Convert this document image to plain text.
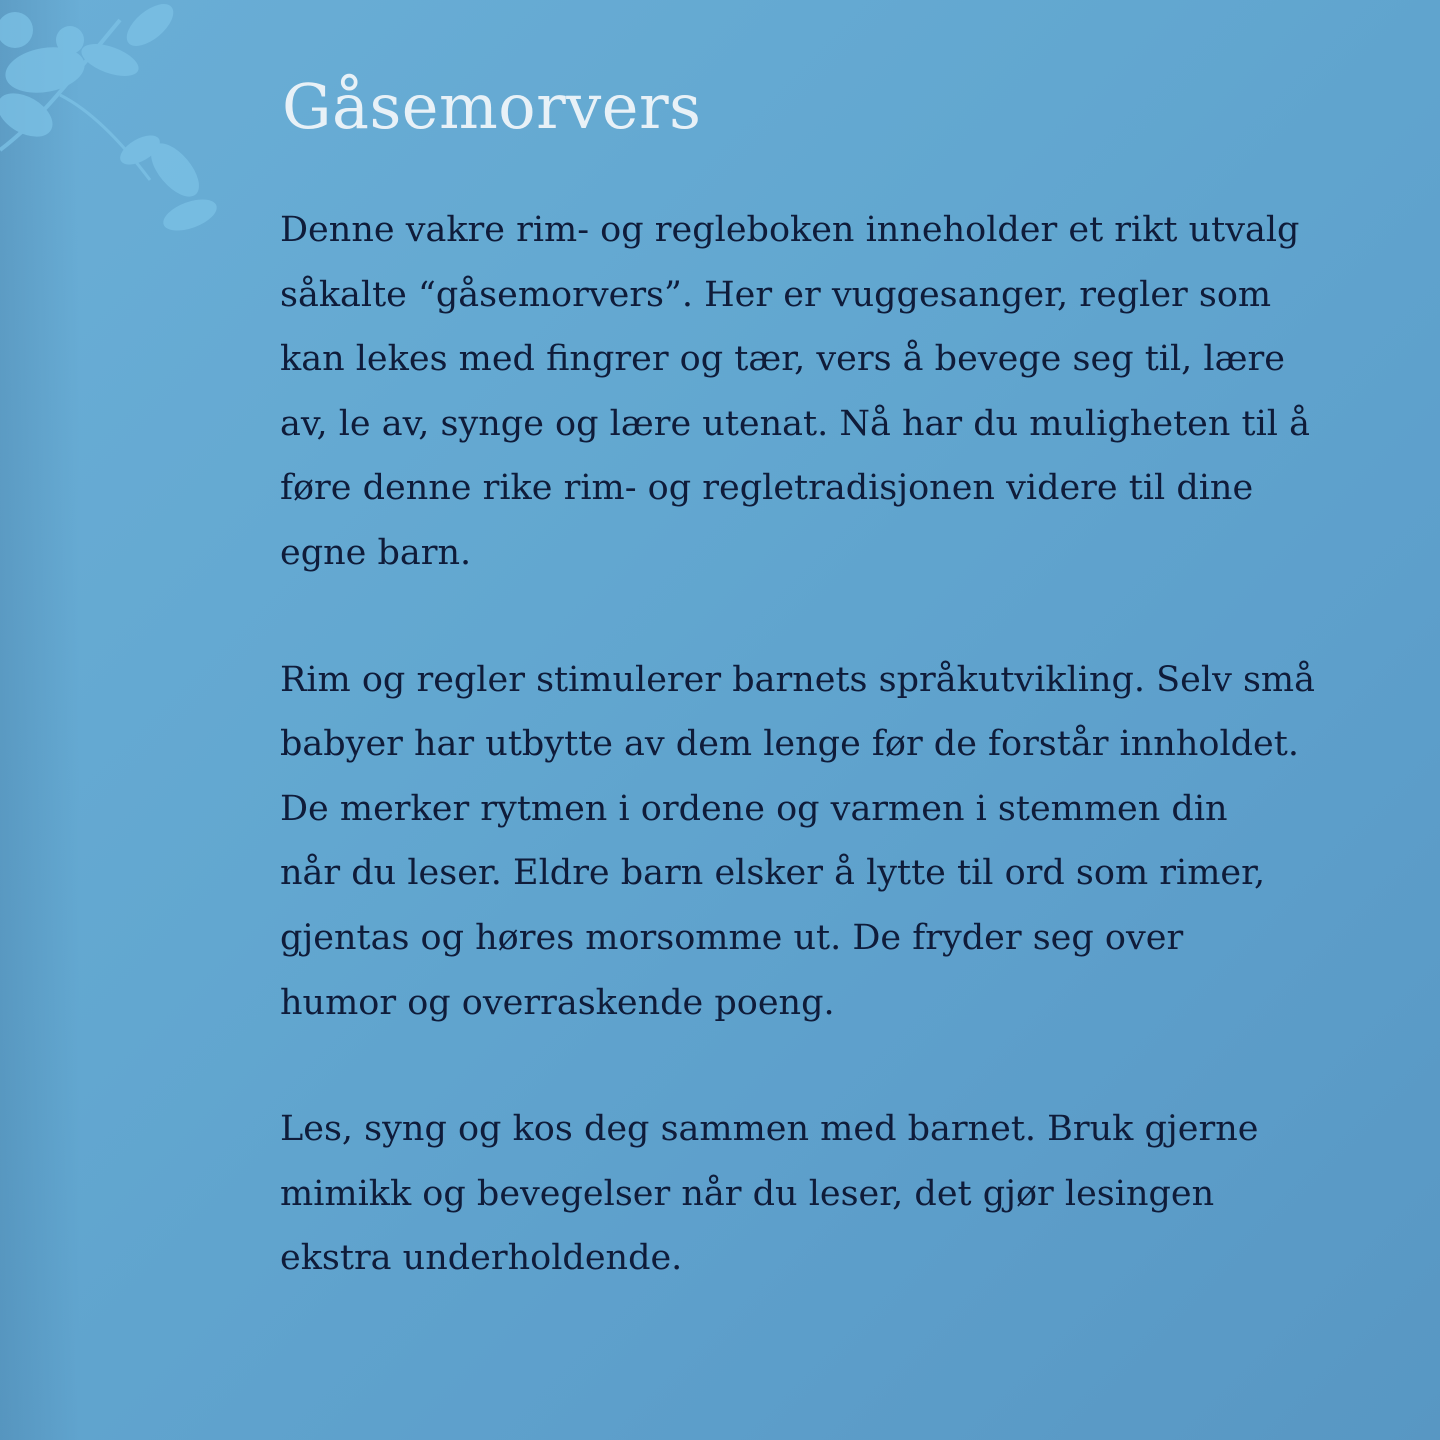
Gåsemorvers

Denne vakre rim- og regleboken inneholder et rikt utvalg
såkalte “gåsemorvers”. Her er vuggesanger, regler som
kan lekes med fingrer og tær, vers å bevege seg til, lære
av, le av, synge og lære utenat. Nå har du muligheten til å
føre denne rike rim- og regletradisjonen videre til dine
egne barn.

Rim og regler stimulerer barnets språkutvikling. Selv små
babyer har utbytte av dem lenge før de forstår innholdet.
De merker rytmen i ordene og varmen i stemmen din
når du leser. Eldre barn elsker å lytte til ord som rimer,
gjentas og høres morsomme ut. De fryder seg over
humor og overraskende poeng.

Les, syng og kos deg sammen med barnet. Bruk gjerne
mimikk og bevegelser når du leser, det gjør lesingen
ekstra underholdende.
